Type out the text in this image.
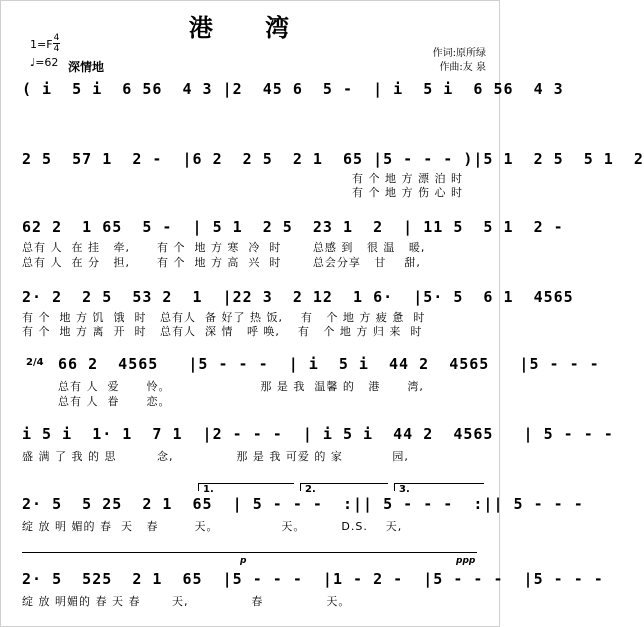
港 湾
1=F 4
4
♩=62 深情地
作词:原所绿
作曲:友 泉
( i  5 i  6 56  4 3 |2  45 6  5 -  | i  5 i  6 56  4 3
2 5  57 1  2 -  |6 2  2 5  2 1  65 |5 - - - )|5 1  2 5  5 1  2
有 个 地 方 漂 泊 时
有 个 地 方 伤 心 时
62 2  1 65  5 -  | 5 1  2 5  23 1  2  | 11 5  5 1  2 -
总有 人  在 挂   牵,      有 个  地 方 寒  冷  时       总感 到   很 温   暖,
总有 人  在 分   担,      有 个  地 方 高  兴  时       总会分享   甘    甜,
2· 2  2 5  53 2  1  |22 3  2 12  1 6·  |5· 5  6 1  4565
有 个  地 方 饥  饿  时   总有人  备 好了 热 饭,    有   个 地 方 疲 惫  时
有 个  地 方 离  开  时   总有人  深 情   呼 唤,    有   个 地 方 归 来  时
2/4 66 2  4565   |5 - - -  | i  5 i  44 2  4565   |5 - - -
总有 人  爱      怜。                    那 是 我  温馨 的   港      湾,
总有 人  眷      恋。
i 5 i  1· 1  7 1  |2 - - -  | i 5 i  44 2  4565   | 5 - - -
盛 满 了 我 的 思         念,              那 是 我 可爱 的 家           园,
1.	2.	3.
2· 5  5 25  2 1  65  | 5 - - -  :|| 5 - - -  :|| 5 - - -
绽 放 明 媚的 春  天   春        天。              天。        D.S.    天,
p	ppp
2· 5  525  2 1  65  |5 - - -  |1 - 2 -  |5 - - -  |5 - - -
绽 放 明媚的 春 天 春       天,              春              天。
